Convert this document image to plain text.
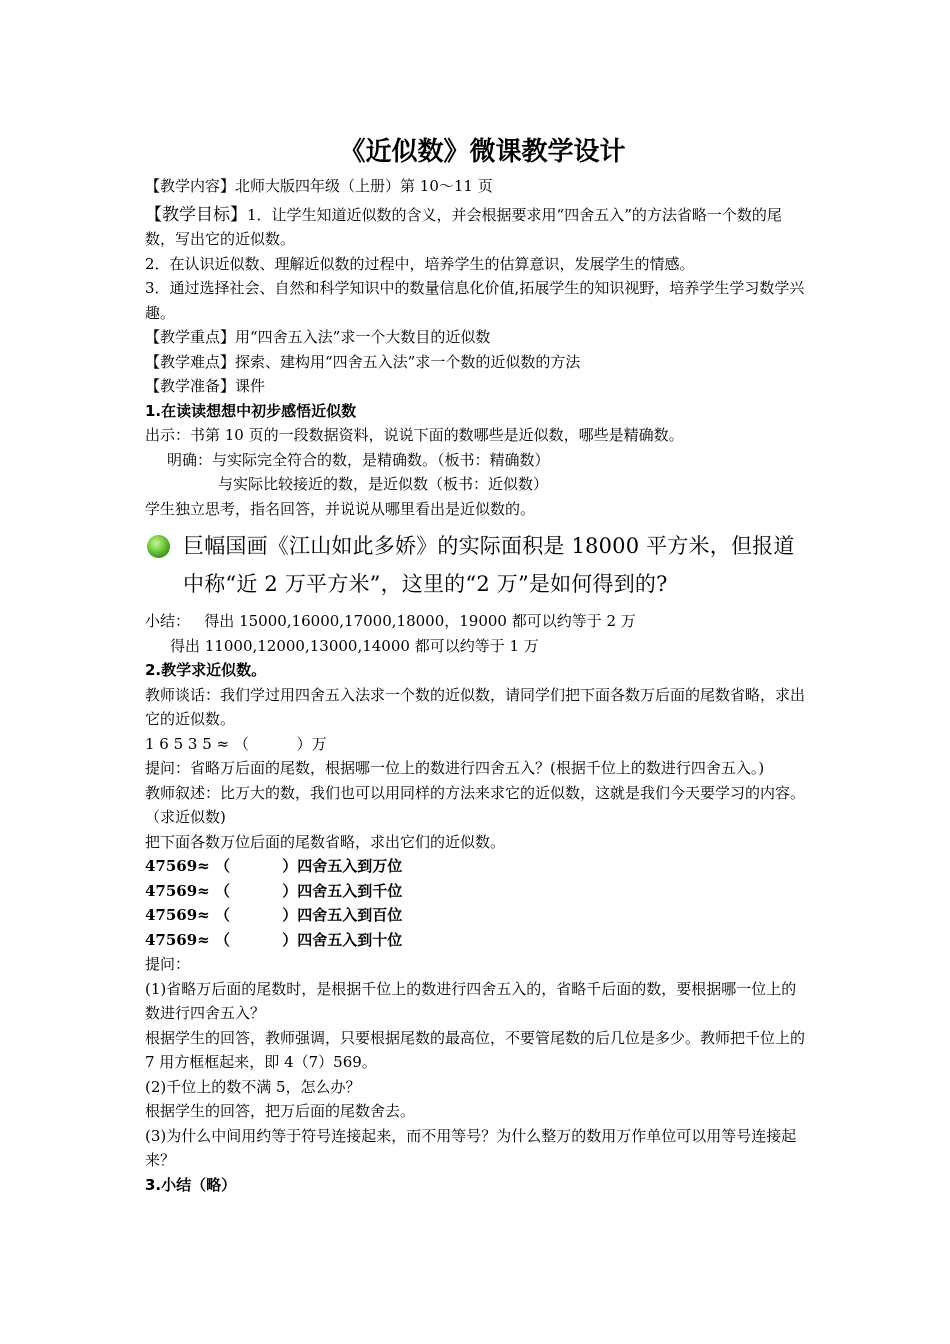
《近似数》微课教学设计

【教学内容】北师大版四年级（上册）第 10～11 页

【教学目标】1．让学生知道近似数的含义，并会根据要求用“四舍五入”的方法省略一个数的尾数，写出它的近似数。

2．在认识近似数、理解近似数的过程中，培养学生的估算意识，发展学生的情感。

3．通过选择社会、自然和科学知识中的数量信息化价值,拓展学生的知识视野，培养学生学习数学兴趣。

【教学重点】用“四舍五入法”求一个大数目的近似数

【教学难点】探索、建构用“四舍五入法”求一个数的近似数的方法

【教学准备】课件

1.在读读想想中初步感悟近似数

出示：书第 10 页的一段数据资料，说说下面的数哪些是近似数，哪些是精确数。

明确：与实际完全符合的数，是精确数。（板书：精确数）

与实际比较接近的数，是近似数（板书：近似数）

学生独立思考，指名回答，并说说从哪里看出是近似数的。

巨幅国画《江山如此多娇》的实际面积是 18000 平方米，但报道中称“近 2 万平方米”，这里的“2 万”是如何得到的?

小结：   得出 15000,16000,17000,18000，19000 都可以约等于 2 万

得出 11000,12000,13000,14000 都可以约等于 1 万

2.教学求近似数。

教师谈话：我们学过用四舍五入法求一个数的近似数，请同学们把下面各数万后面的尾数省略，求出它的近似数。

1 6 5 3 5 ≈ （          ）万

提问：省略万后面的尾数，根据哪一位上的数进行四舍五入？(根据千位上的数进行四舍五入。)

教师叙述：比万大的数，我们也可以用同样的方法来求它的近似数，这就是我们今天要学习的内容。（求近似数)

把下面各数万位后面的尾数省略，求出它们的近似数。

47569≈ （          ）四舍五入到万位

47569≈ （          ）四舍五入到千位

47569≈ （          ）四舍五入到百位

47569≈ （          ）四舍五入到十位

提问：

(1)省略万后面的尾数时，是根据千位上的数进行四舍五入的，省略千后面的数，要根据哪一位上的数进行四舍五入？

根据学生的回答，教师强调，只要根据尾数的最高位，不要管尾数的后几位是多少。教师把千位上的 7 用方框框起来，即 4（7）569。

(2)千位上的数不满 5，怎么办？

根据学生的回答，把万后面的尾数舍去。

(3)为什么中间用约等于符号连接起来，而不用等号？为什么整万的数用万作单位可以用等号连接起来？

3.小结（略）
